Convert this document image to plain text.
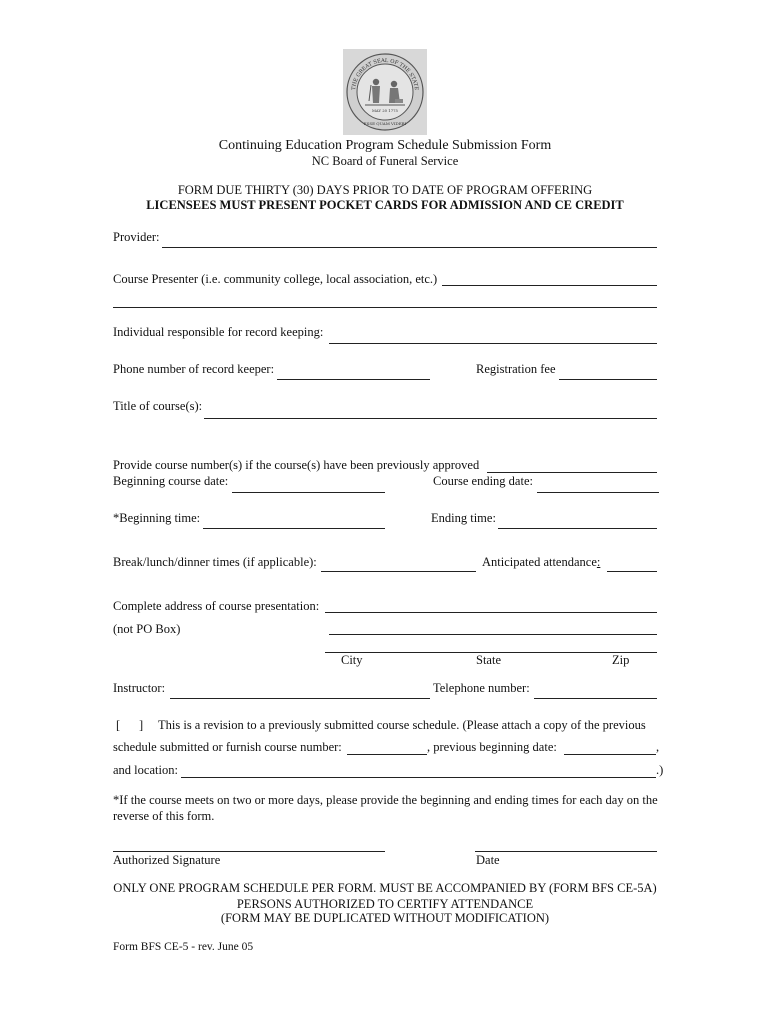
THE GREAT SEAL OF THE STATE
MAY 20 1775
ESSE QUAM VIDERI
Continuing Education Program Schedule Submission Form
NC Board of Funeral Service
FORM DUE THIRTY (30) DAYS PRIOR TO DATE OF PROGRAM OFFERING
LICENSEES MUST PRESENT POCKET CARDS FOR ADMISSION AND CE CREDIT
Provider:
Course Presenter (i.e. community college, local association, etc.)
Individual responsible for record keeping:
Phone number of record keeper:	Registration fee
Title of course(s):
Provide course number(s) if the course(s) have been previously approved
Beginning course date:	Course ending date:
*Beginning time:	Ending time:
Break/lunch/dinner times (if applicable):	Anticipated attendance:
Complete address of course presentation:
(not PO Box)
City	State	Zip
Instructor:	Telephone number:
[ ] This is a revision to a previously submitted course schedule. (Please attach a copy of the previous
schedule submitted or furnish course number:	, previous beginning date:	,
and location:	.)
*If the course meets on two or more days, please provide the beginning and ending times for each day on the
reverse of this form.
Authorized Signature	Date
ONLY ONE PROGRAM SCHEDULE PER FORM. MUST BE ACCOMPANIED BY (FORM BFS CE-5A)
PERSONS AUTHORIZED TO CERTIFY ATTENDANCE
(FORM MAY BE DUPLICATED WITHOUT MODIFICATION)
Form BFS CE-5 - rev. June 05
